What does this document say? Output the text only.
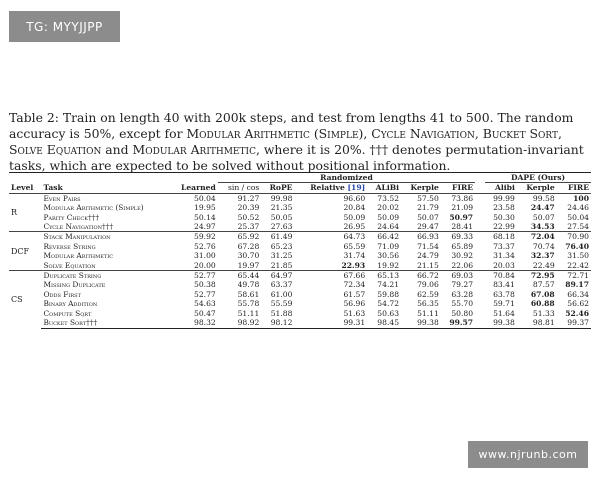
TG: MYYJJPP
Table 2: Train on length 40 with 200k steps, and test from lengths 41 to 500. The random accuracy is 50%, except for Modular Arithmetic (Simple), Cycle Navigation, Bucket Sort, Solve Equation and Modular Arithmetic, where it is 20%. ††† denotes permutation-invariant tasks, which are expected to be solved without positional information.
			Randomized							DAPE (Ours)		
Level	Task	Learned	sin / cos	RoPE	Relative [19]	ALiBi	Kerple	FIRE		Alibi	Kerple	FIRE
R	Even Pairs	50.04	91.27	99.98	96.60	73.52	57.50	73.86		99.99	99.58	100
	Modular Arithmetic (Simple)	19.95	20.39	21.35	20.84	20.02	21.79	21.09		23.58	24.47	24.46
	Parity Check†††	50.14	50.52	50.05	50.09	50.09	50.07	50.97		50.30	50.07	50.04
	Cycle Navigation†††	24.97	25.37	27.63	26.95	24.64	29.47	28.41		22.99	34.53	27.54
DCF	Stack Manipulation	59.92	65.92	61.49	64.73	66.42	66.93	69.33		68.18	72.04	70.90
	Reverse String	52.76	67.28	65.23	65.59	71.09	71.54	65.89		73.37	70.74	76.40
	Modular Arithmetic	31.00	30.70	31.25	31.74	30.56	24.79	30.92		31.34	32.37	31.50
	Solve Equation	20.00	19.97	21.85	22.93	19.92	21.15	22.06		20.03	22.49	22.42
CS	Duplicate String	52.77	65.44	64.97	67.66	65.13	66.72	69.03		70.84	72.95	72.71
	Missing Duplicate	50.38	49.78	63.37	72.34	74.21	79.06	79.27		83.41	87.57	89.17
	Odds First	52.77	58.61	61.00	61.57	59.88	62.59	63.28		63.78	67.08	66.34
	Binary Addition	54.63	55.78	55.59	56.96	54.72	56.35	55.70		59.71	60.88	56.62
	Compute Sqrt	50.47	51.11	51.88	51.63	50.63	51.11	50.80		51.64	51.33	52.46
	Bucket Sort†††	98.32	98.92	98.12	99.31	98.45	99.38	99.57		99.38	98.81	99.37
www.njrunb.com
